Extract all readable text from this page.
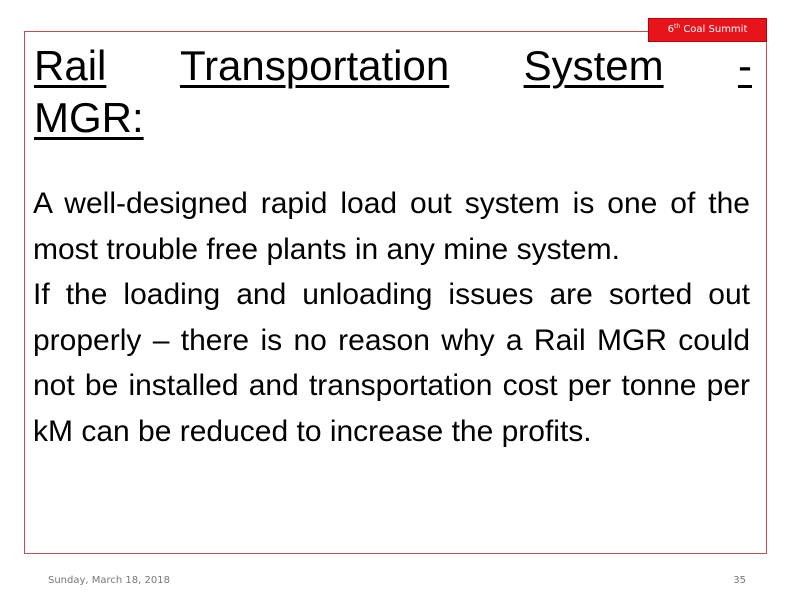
6th Coal Summit
Rail Transportation System -
MGR:

A well-designed rapid load out system is one of the most trouble free plants in any mine system.

If the loading and unloading issues are sorted out properly – there is no reason why a Rail MGR could not be installed and transportation cost per tonne per kM can be reduced to increase the profits.

Sunday, March 18, 2018	35
